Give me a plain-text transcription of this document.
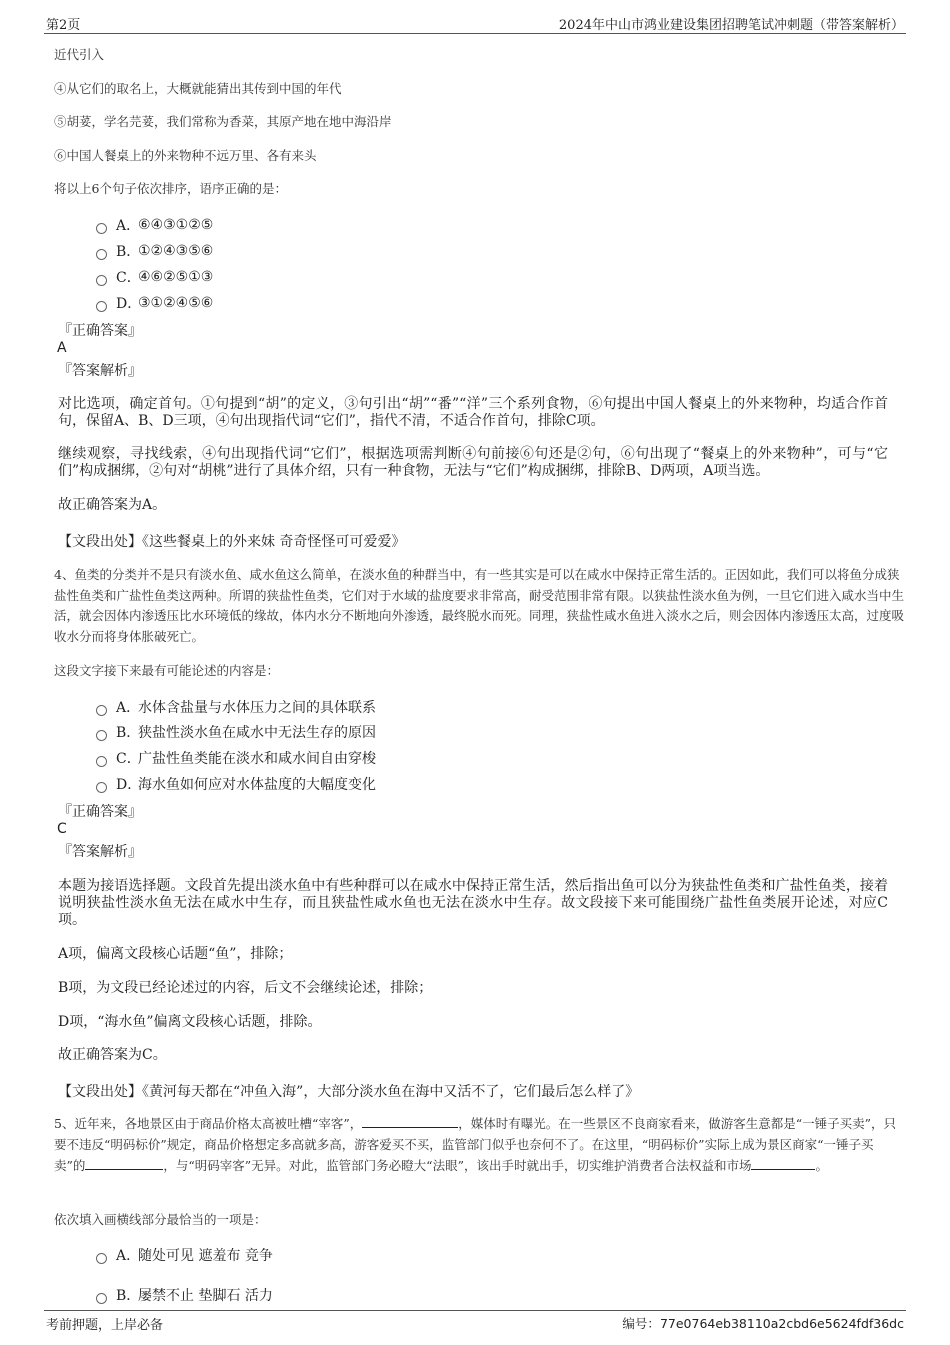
第2页	2024年中山市鸿业建设集团招聘笔试冲刺题（带答案解析）
近代引入
④从它们的取名上，大概就能猜出其传到中国的年代
⑤胡荽，学名芫荽，我们常称为香菜，其原产地在地中海沿岸
⑥中国人餐桌上的外来物种不远万里、各有来头
将以上6个句子依次排序，语序正确的是：
A．
⑥④③①②⑤
B．
①②④③⑤⑥
C．
④⑥②⑤①③
D．
③①②④⑤⑥
『正确答案』
A
『答案解析』
对比选项，确定首句。①句提到“胡”的定义，③句引出“胡”“番”“洋”三个系列食物，⑥句提出中国人餐桌上的外来物种，均适合作首句，保留A、B、D三项，④句出现指代词“它们”，指代不清，不适合作首句，排除C项。
继续观察，寻找线索，④句出现指代词“它们”，根据选项需判断④句前接⑥句还是②句，⑥句出现了“餐桌上的外来物种”，可与“它们”构成捆绑，②句对“胡桃”进行了具体介绍，只有一种食物，无法与“它们”构成捆绑，排除B、D两项，A项当选。
故正确答案为A。
【文段出处】《这些餐桌上的外来妹 奇奇怪怪可可爱爱》
4、鱼类的分类并不是只有淡水鱼、咸水鱼这么简单，在淡水鱼的种群当中，有一些其实是可以在咸水中保持正常生活的。正因如此，我们可以将鱼分成狭盐性鱼类和广盐性鱼类这两种。所谓的狭盐性鱼类，它们对于水域的盐度要求非常高，耐受范围非常有限。以狭盐性淡水鱼为例，一旦它们进入咸水当中生活，就会因体内渗透压比水环境低的缘故，体内水分不断地向外渗透，最终脱水而死。同理，狭盐性咸水鱼进入淡水之后，则会因体内渗透压太高，过度吸收水分而将身体胀破死亡。
这段文字接下来最有可能论述的内容是：
A．
水体含盐量与水体压力之间的具体联系
B．
狭盐性淡水鱼在咸水中无法生存的原因
C．
广盐性鱼类能在淡水和咸水间自由穿梭
D．
海水鱼如何应对水体盐度的大幅度变化
『正确答案』
C
『答案解析』
本题为接语选择题。文段首先提出淡水鱼中有些种群可以在咸水中保持正常生活，然后指出鱼可以分为狭盐性鱼类和广盐性鱼类，接着说明狭盐性淡水鱼无法在咸水中生存，而且狭盐性咸水鱼也无法在淡水中生存。故文段接下来可能围绕广盐性鱼类展开论述，对应C项。
A项，偏离文段核心话题“鱼”，排除；
B项，为文段已经论述过的内容，后文不会继续论述，排除；
D项，“海水鱼”偏离文段核心话题，排除。
故正确答案为C。
【文段出处】《黄河每天都在“冲鱼入海”，大部分淡水鱼在海中又活不了，它们最后怎么样了》
5、近年来，各地景区由于商品价格太高被吐槽“宰客”，	，媒体时有曝光。在一些景区不良商家看来，做游客生意都是“一锤子买卖”，只要不违反“明码标价”规定，商品价格想定多高就多高，游客爱买不买，监管部门似乎也奈何不了。在这里，“明码标价”实际上成为景区商家“一锤子买卖”的	，与“明码宰客”无异。对此，监管部门务必瞪大“法眼”，该出手时就出手，切实维护消费者合法权益和市场	。
依次填入画横线部分最恰当的一项是：
A．
随处可见 遮羞布 竞争
B．
屡禁不止 垫脚石 活力
考前押题，上岸必备	编号：77e0764eb38110a2cbd6e5624fdf36dc
